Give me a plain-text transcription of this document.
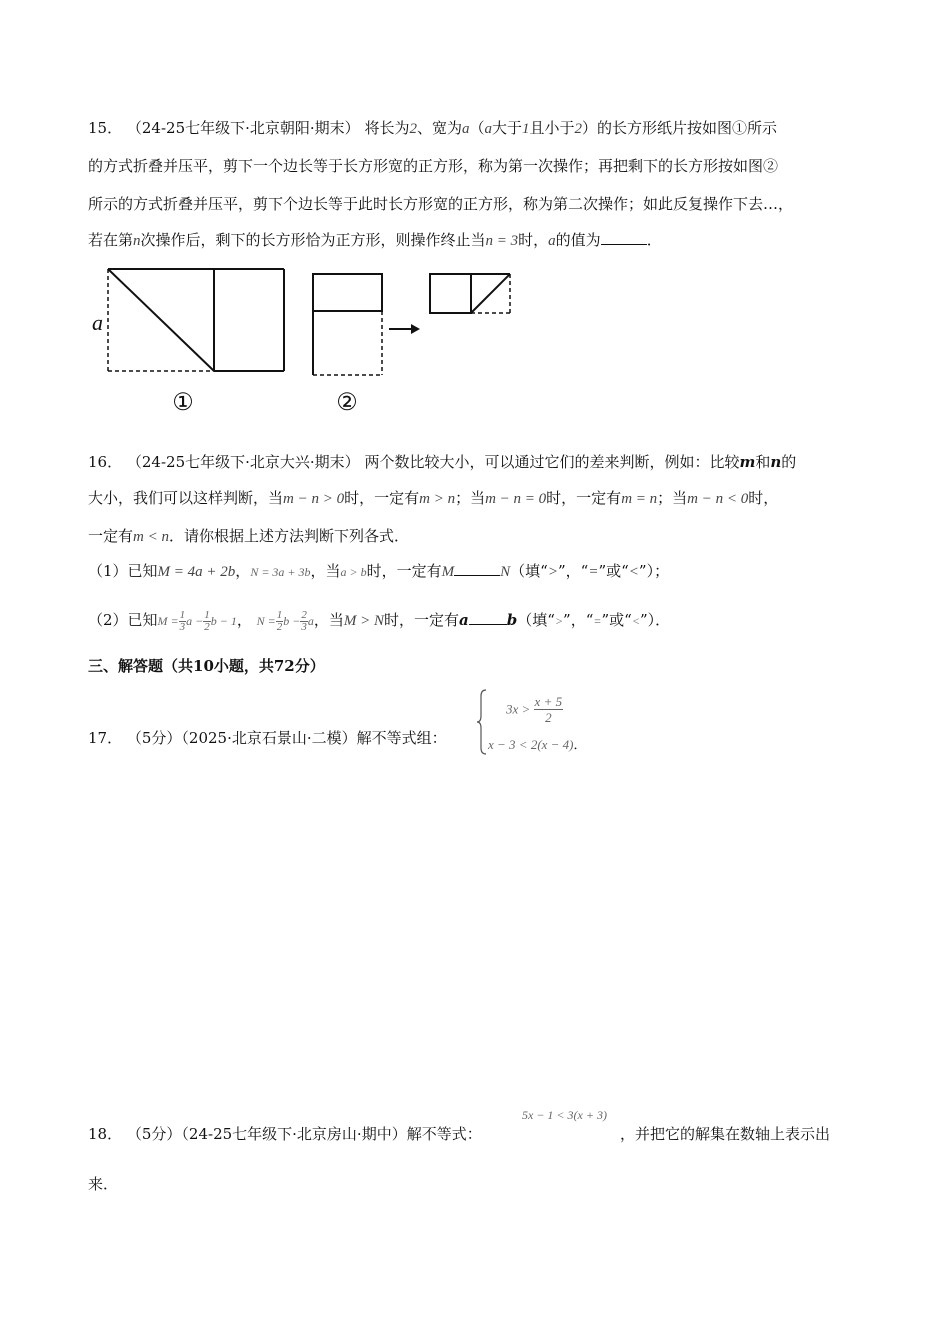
15． （24-25七年级下·北京朝阳·期末） 将长为2、宽为a（a大于1且小于2）的长方形纸片按如图①所示
的方式折叠并压平，剪下一个边长等于长方形宽的正方形，称为第一次操作；再把剩下的长方形按如图②
所示的方式折叠并压平，剪下个边长等于此时长方形宽的正方形，称为第二次操作；如此反复操作下去…，
若在第n次操作后，剩下的长方形恰为正方形，则操作终止当n = 3时，a的值为	．
a
①	②
16． （24-25七年级下·北京大兴·期末） 两个数比较大小，可以通过它们的差来判断，例如：比较m和n的
大小，我们可以这样判断，当m − n > 0时，一定有m > n；当m − n = 0时，一定有m = n；当m − n < 0时，
一定有m < n．请你根据上述方法判断下列各式．
（1）已知M = 4a + 2b，N = 3a + 3b，当a > b时，一定有M	N（填“>”，“=”或“<”）；
（2）已知$M = \frac{1}{3}$ $a - \frac{1}{2}$ b − 1， $N = \frac{1}{2}$ $b - \frac{2}{3}$ a，当M > N时，一定有a	b（填“>”，“=”或“<”）．
三、解答题（共10小题，共72分）
17． （5分）（2025·北京石景山·二模）解不等式组：
$3x > \frac{x + 5}{2}$
x − 3 < 2(x − 4)．
18． （5分）（24-25七年级下·北京房山·期中）解不等式：
5x − 1 < 3(x + 3)
，并把它的解集在数轴上表示出
来．
